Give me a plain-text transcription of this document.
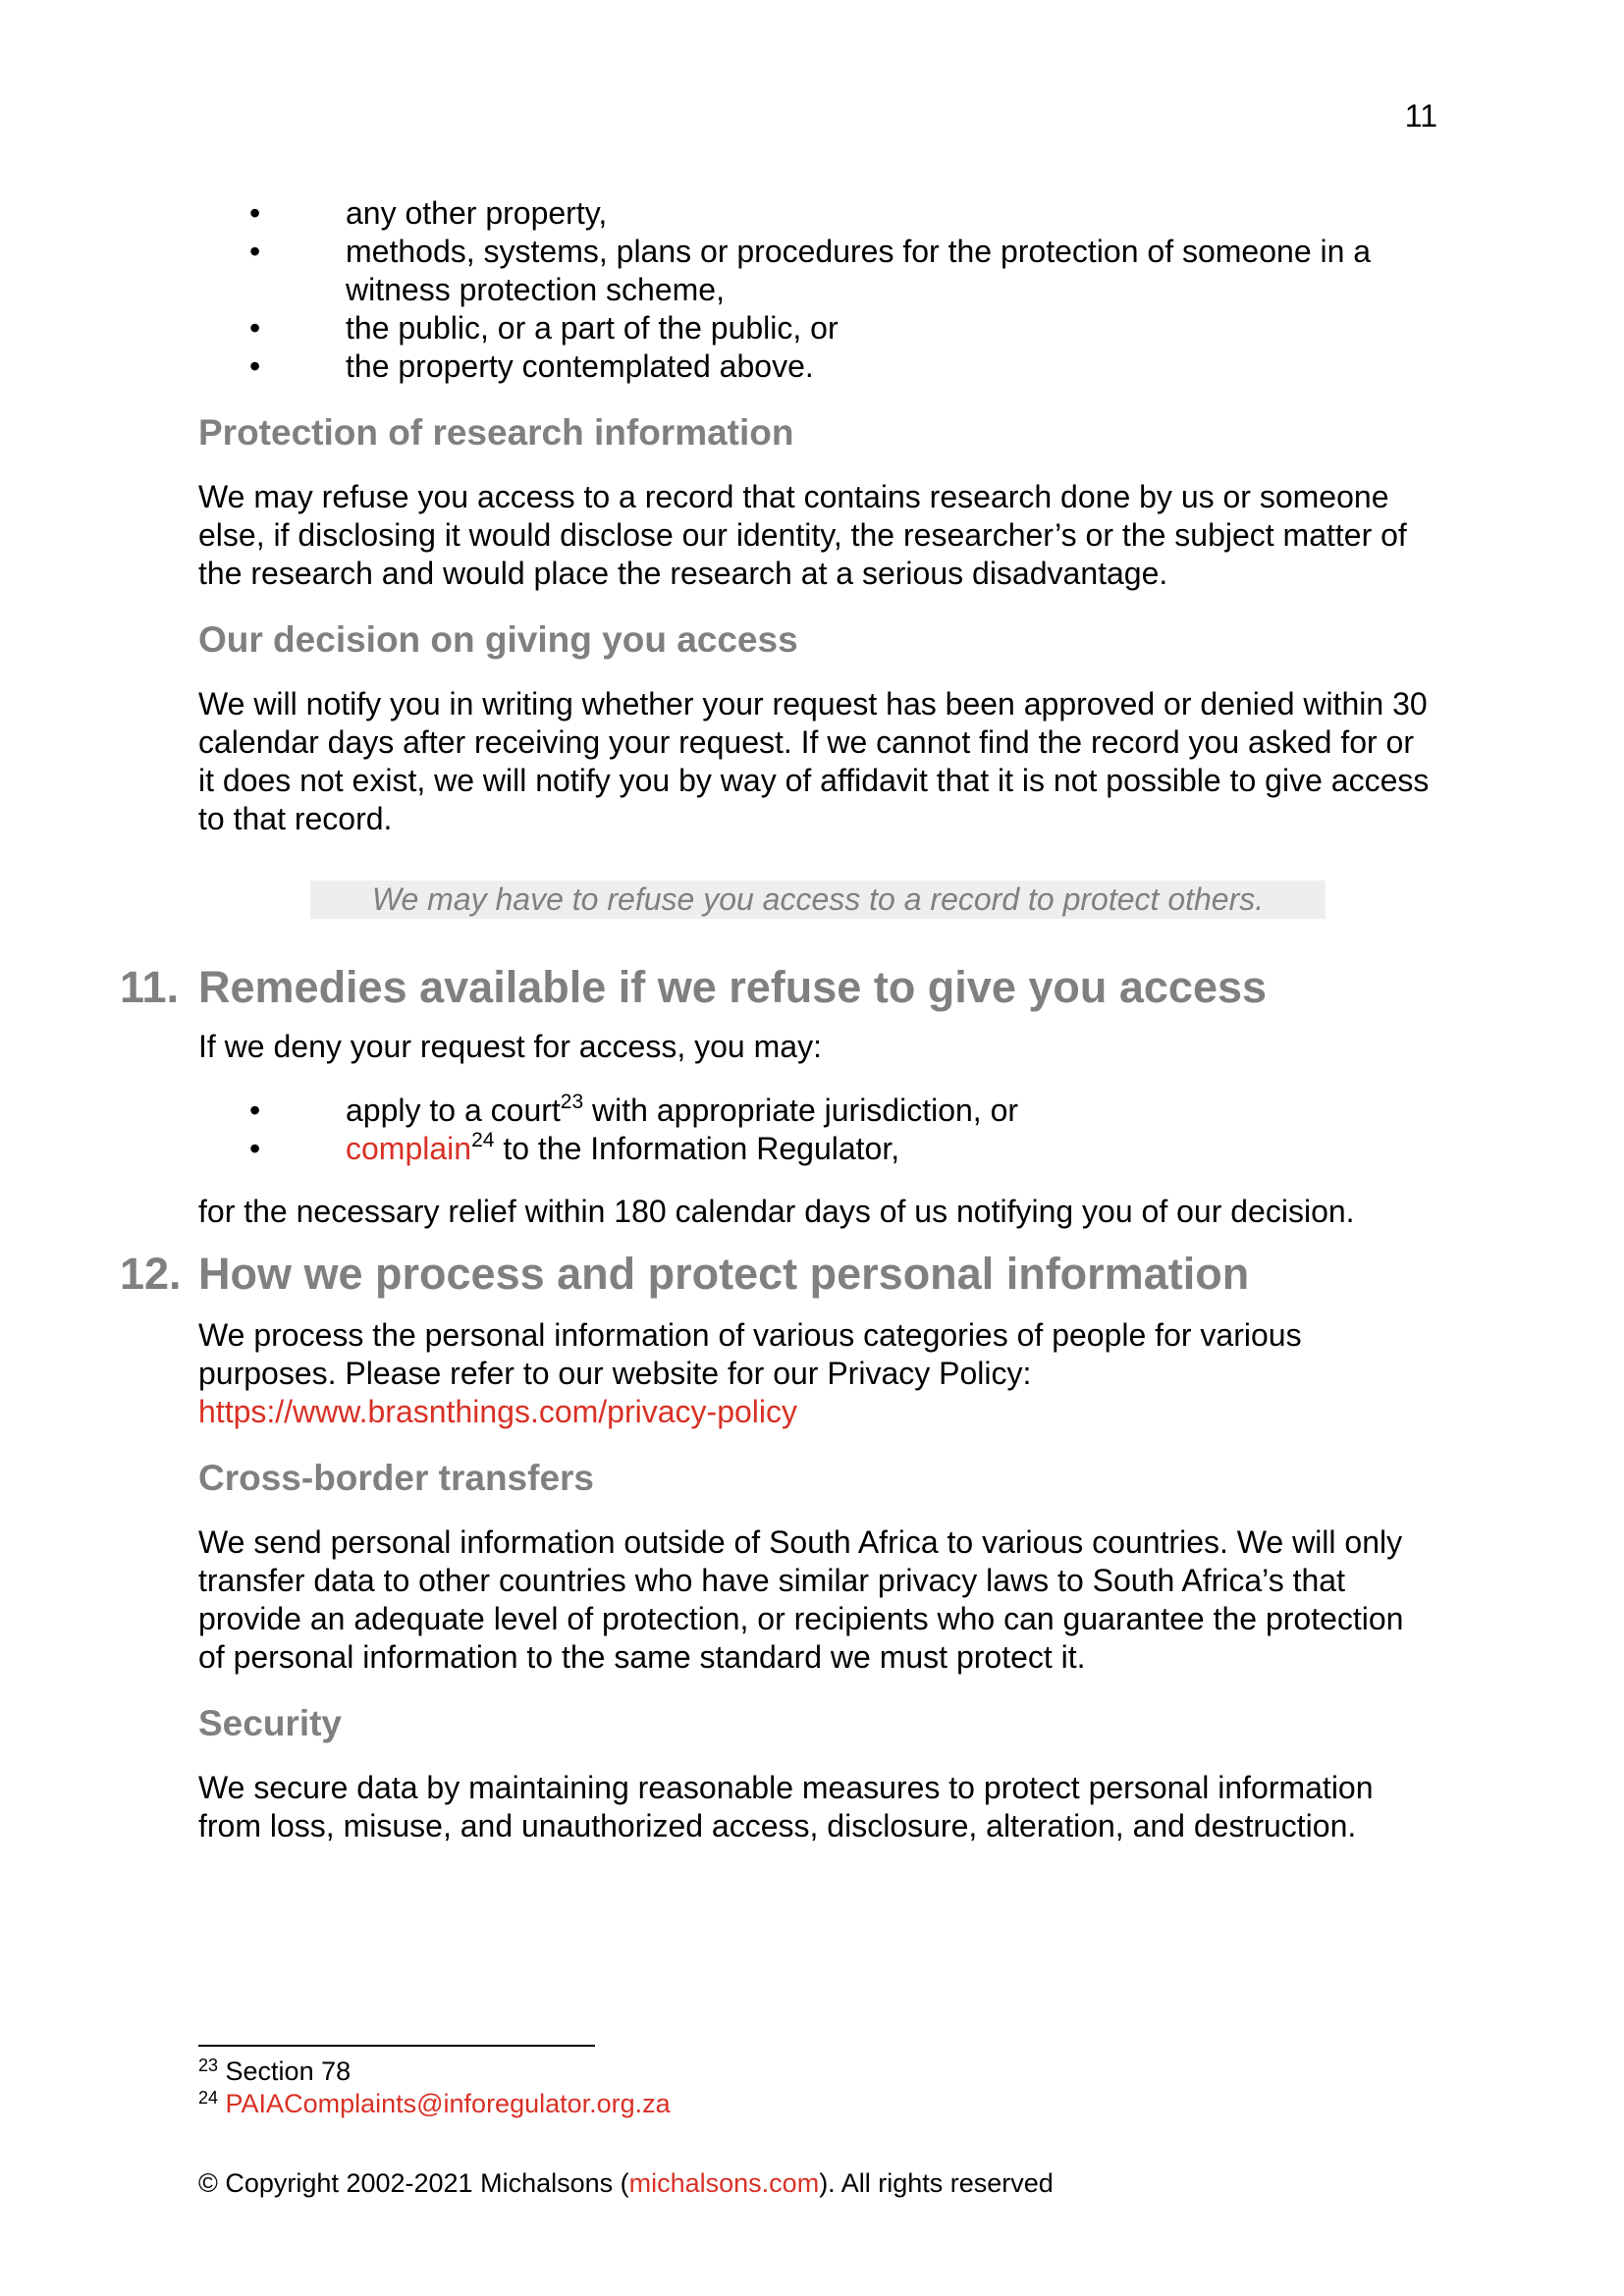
11
•	any other property,
•	methods, systems, plans or procedures for the protection of someone in a witness protection scheme,
•	the public, or a part of the public, or
•	the property contemplated above.
Protection of research information

We may refuse you access to a record that contains research done by us or someone else, if disclosing it would disclose our identity, the researcher’s or the subject matter of the research and would place the research at a serious disadvantage.

Our decision on giving you access

We will notify you in writing whether your request has been approved or denied within 30 calendar days after receiving your request. If we cannot find the record you asked for or it does not exist, we will notify you by way of affidavit that it is not possible to give access to that record.

We may have to refuse you access to a record to protect others.
11. Remedies available if we refuse to give you access

If we deny your request for access, you may:

•	apply to a court$^{23}$ with appropriate jurisdiction, or
•	complain$^{24}$ to the Information Regulator,

for the necessary relief within 180 calendar days of us notifying you of our decision.

12. How we process and protect personal information

We process the personal information of various categories of people for various purposes. Please refer to our website for our Privacy Policy:
https://www.brasnthings.com/privacy-policy

Cross-border transfers

We send personal information outside of South Africa to various countries. We will only transfer data to other countries who have similar privacy laws to South Africa’s that provide an adequate level of protection, or recipients who can guarantee the protection of personal information to the same standard we must protect it.

Security

We secure data by maintaining reasonable measures to protect personal information from loss, misuse, and unauthorized access, disclosure, alteration, and destruction.

$^{23}$ Section 78
$^{24}$ PAIAComplaints@inforegulator.org.za
© Copyright 2002-2021 Michalsons (michalsons.com). All rights reserved
